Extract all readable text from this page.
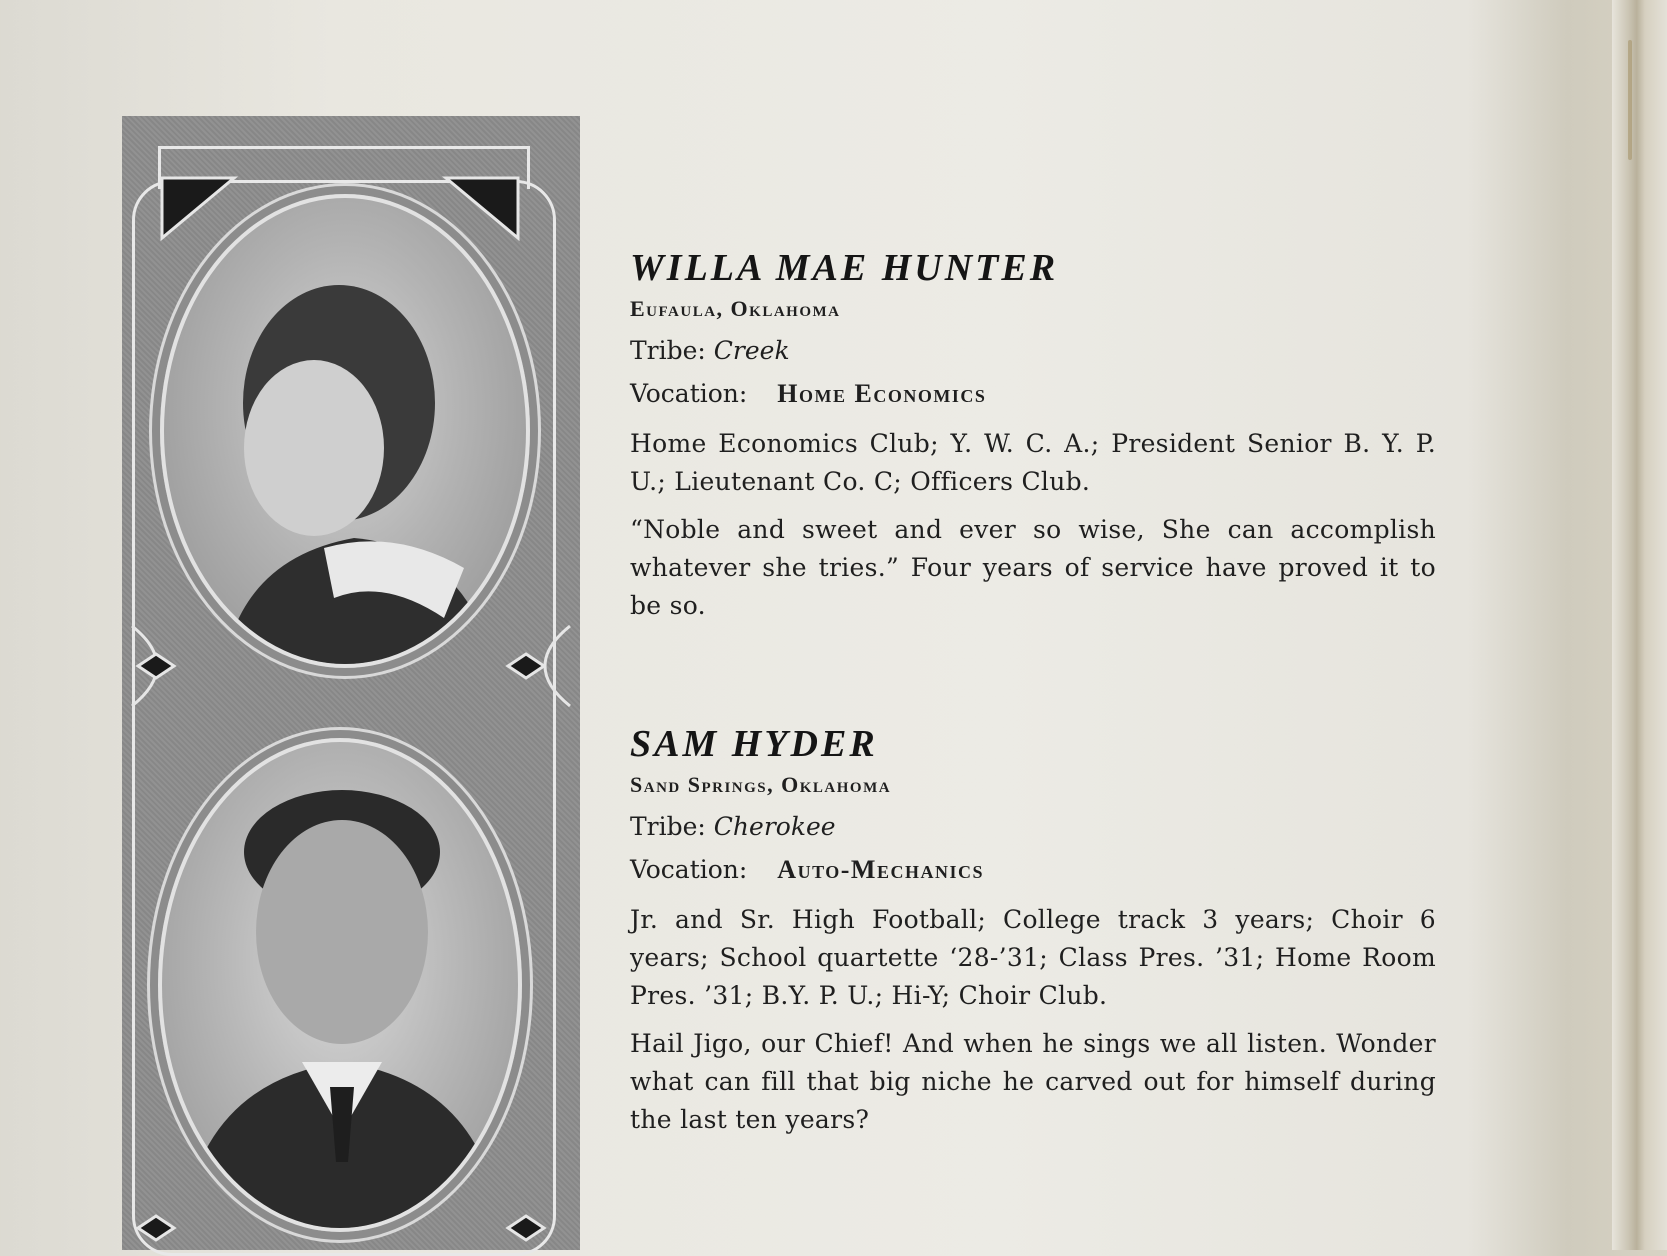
WILLA MAE HUNTER
Eufaula, Oklahoma
Tribe: Creek
Vocation: Home Economics
Home Economics Club; Y. W. C. A.; President Senior B. Y. P. U.; Lieutenant Co. C; Officers Club.
“Noble and sweet and ever so wise, She can accomplish whatever she tries.” Four years of service have proved it to be so.
SAM HYDER
Sand Springs, Oklahoma
Tribe: Cherokee
Vocation: Auto-Mechanics
Jr. and Sr. High Football; College track 3 years; Choir 6 years; School quartette ‘28-’31; Class Pres. ’31; Home Room Pres. ’31; B.Y. P. U.; Hi-Y; Choir Club.
Hail Jigo, our Chief! And when he sings we all listen. Wonder what can fill that big niche he carved out for himself during the last ten years?
